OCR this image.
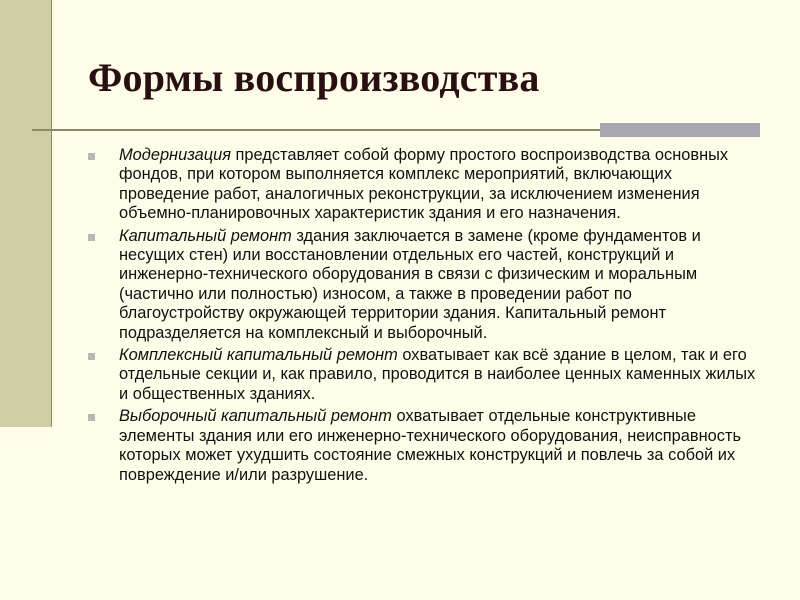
Формы воспроизводства
Модернизация представляет собой форму простого воспроизводства основных фондов, при котором выполняется комплекс мероприятий, включающих проведение работ, аналогичных реконструкции, за исключением изменения объемно-планировочных характеристик здания и его назначения.
Капитальный ремонт здания заключается в замене (кроме фундаментов и несущих стен) или восстановлении отдельных его частей, конструкций и инженерно-технического оборудования в связи с физическим и моральным (частично или полностью) износом, а также в проведении работ по благоустройству окружающей территории здания. Капитальный ремонт подразделяется на комплексный и выборочный.
Комплексный капитальный ремонт охватывает как всё здание в целом, так и его отдельные секции и, как правило, проводится в наиболее ценных каменных жилых и общественных зданиях.
Выборочный капитальный ремонт охватывает отдельные конструктивные элементы здания или его инженерно-технического оборудования, неисправность которых может ухудшить состояние смежных конструкций и повлечь за собой их повреждение и/или разрушение.
